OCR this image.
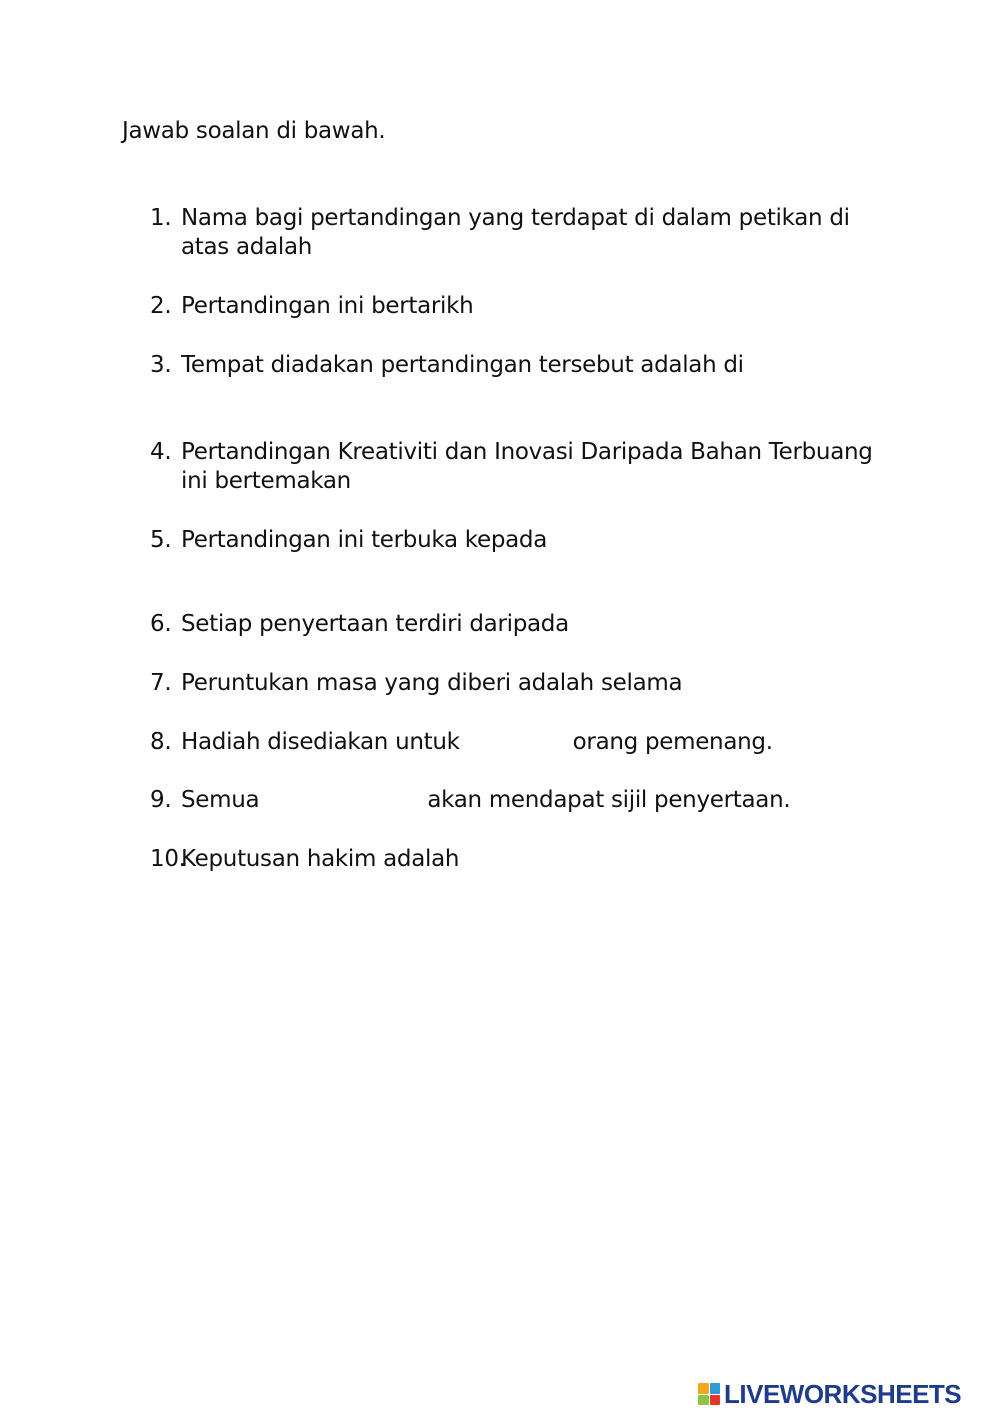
Jawab soalan di bawah.
1. Nama bagi pertandingan yang terdapat di dalam petikan di atas adalah
2. Pertandingan ini bertarikh
3. Tempat diadakan pertandingan tersebut adalah di
4. Pertandingan Kreativiti dan Inovasi Daripada Bahan Terbuang ini bertemakan
5. Pertandingan ini terbuka kepada
6. Setiap penyertaan terdiri daripada
7. Peruntukan masa yang diberi adalah selama
8. Hadiah disediakan untuk	orang pemenang.
9. Semua	akan mendapat sijil penyertaan.
10.
Keputusan hakim adalah
LIVEWORKSHEETS
